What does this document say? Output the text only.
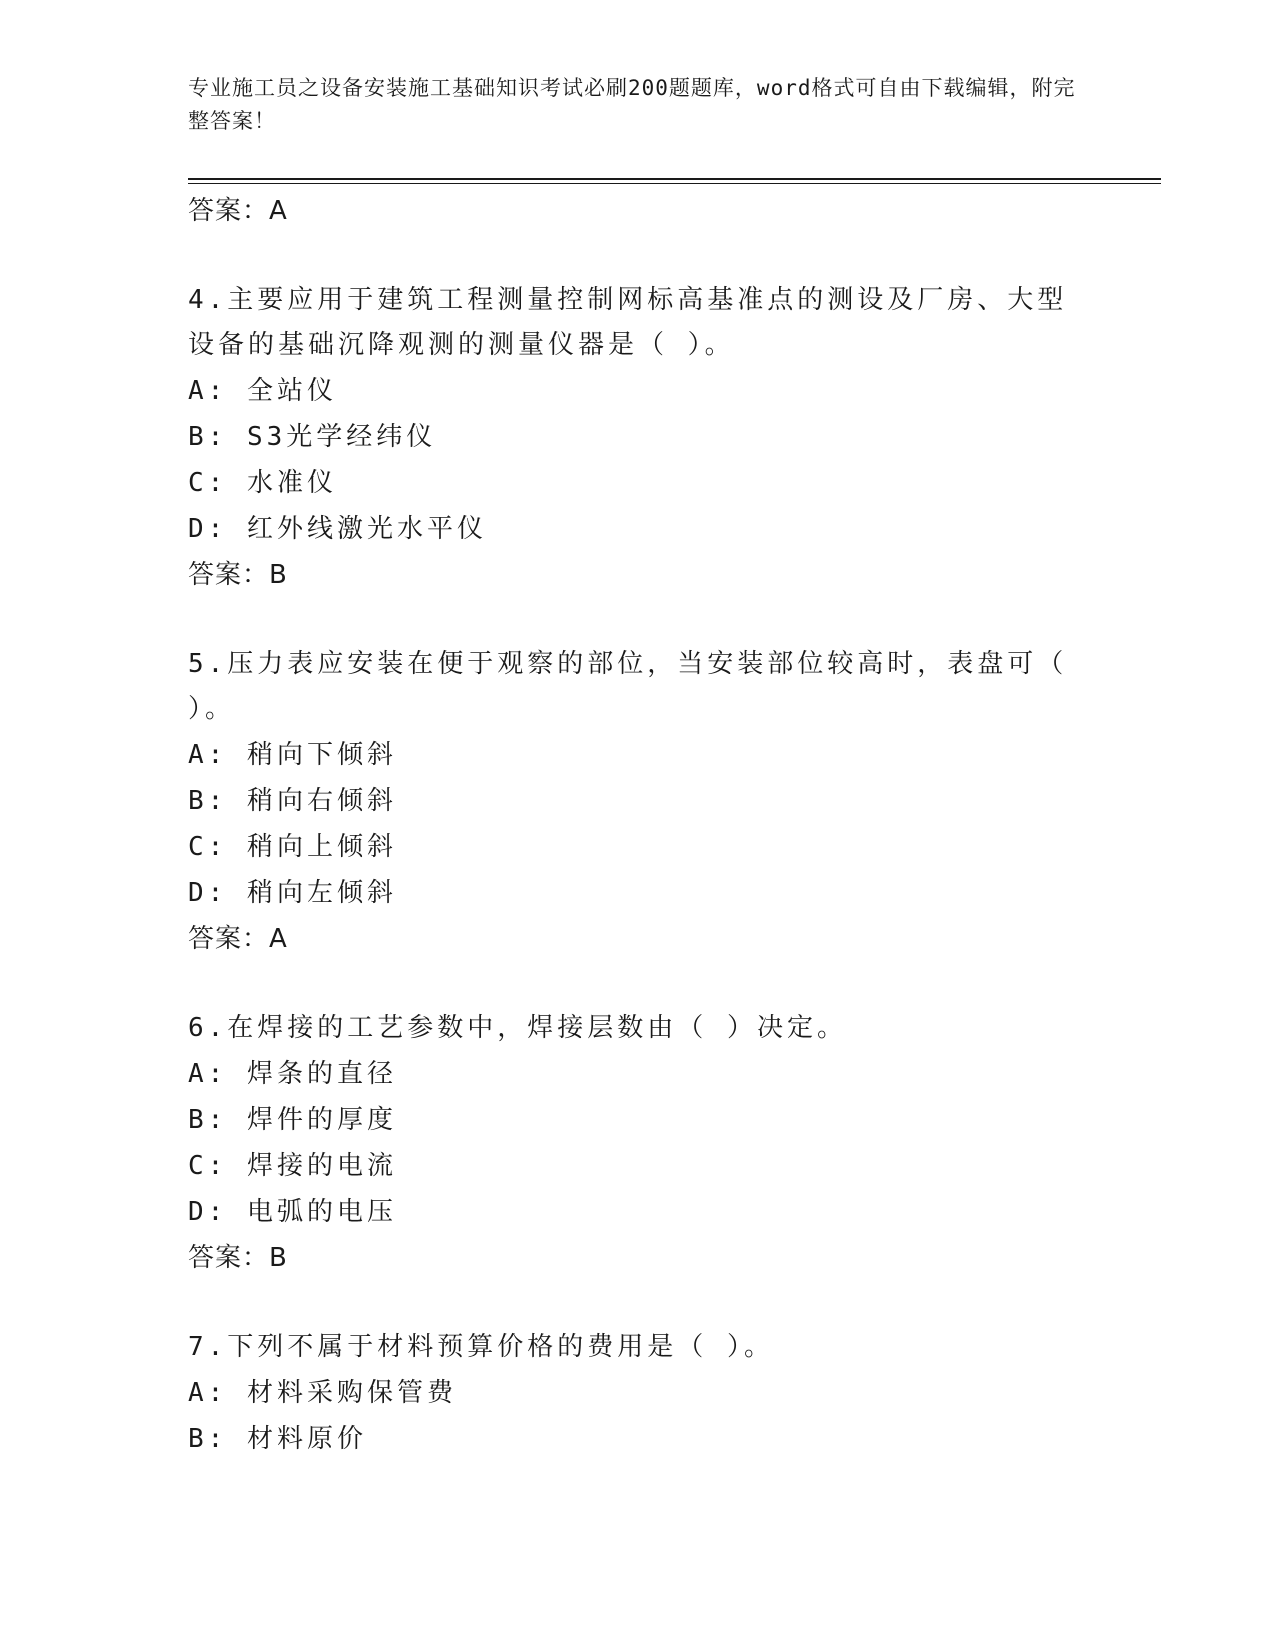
专业施工员之设备安装施工基础知识考试必刷200题题库，word格式可自由下载编辑，附完整答案！
答案：A
4.主要应用于建筑工程测量控制网标高基准点的测设及厂房、大型设备的基础沉降观测的测量仪器是（ ）。
A: 全站仪
B: S3光学经纬仪
C: 水准仪
D: 红外线激光水平仪
答案：B
5.压力表应安装在便于观察的部位，当安装部位较高时，表盘可（ ）。
A: 稍向下倾斜
B: 稍向右倾斜
C: 稍向上倾斜
D: 稍向左倾斜
答案：A
6.在焊接的工艺参数中，焊接层数由（ ）决定。
A: 焊条的直径
B: 焊件的厚度
C: 焊接的电流
D: 电弧的电压
答案：B
7.下列不属于材料预算价格的费用是（ ）。
A: 材料采购保管费
B: 材料原价
